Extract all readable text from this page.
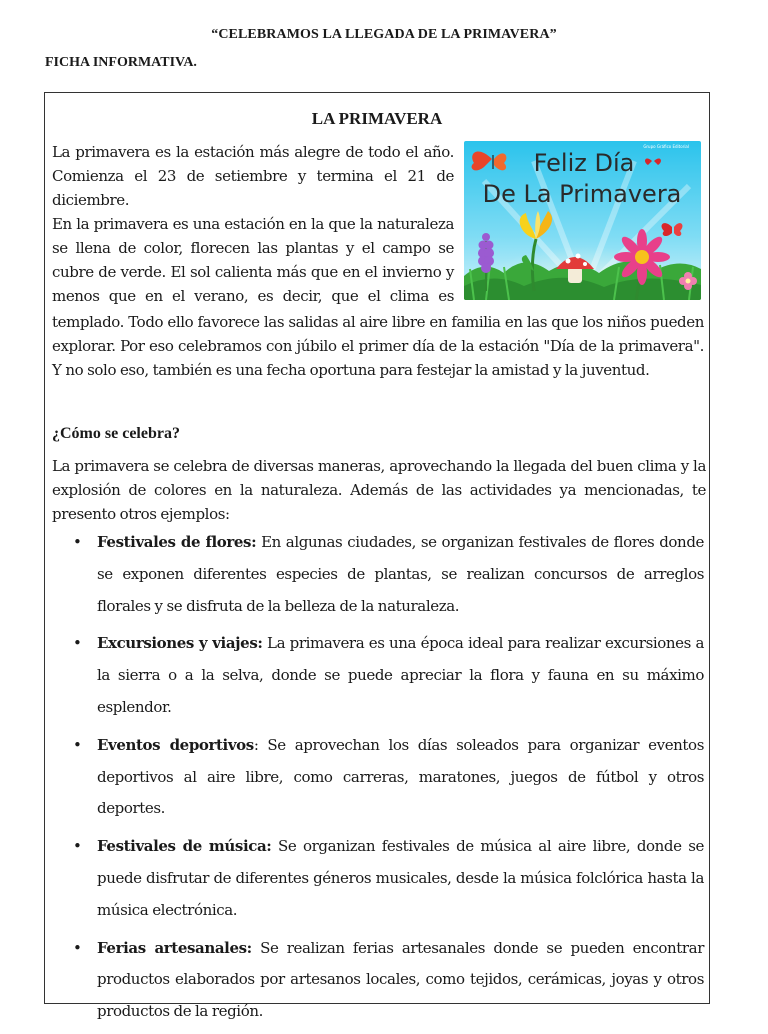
“CELEBRAMOS LA LLEGADA DE LA PRIMAVERA”
FICHA INFORMATIVA.
LA PRIMAVERA
La primavera es la estación más alegre de todo el año. Comienza el 23 de setiembre y termina el 21 de diciembre.
En la primavera es una estación en la que la naturaleza se llena de color, florecen las plantas y el campo se cubre de verde. El sol calienta más que en el invierno y menos que en el verano, es decir, que el clima es
templado. Todo ello favorece las salidas al aire libre en familia en las que los niños pueden explorar. Por eso celebramos con júbilo el primer día de la estación "Día de la primavera". Y no solo eso, también es una fecha oportuna para festejar la amistad y la juventud.
Feliz Día
De La Primavera
Grupo Gráfico Editorial
¿Cómo se celebra?
La primavera se celebra de diversas maneras, aprovechando la llegada del buen clima y la explosión de colores en la naturaleza. Además de las actividades ya mencionadas, te presento otros ejemplos:
• Festivales de flores: En algunas ciudades, se organizan festivales de flores donde se exponen diferentes especies de plantas, se realizan concursos de arreglos florales y se disfruta de la belleza de la naturaleza.
• Excursiones y viajes: La primavera es una época ideal para realizar excursiones a la sierra o a la selva, donde se puede apreciar la flora y fauna en su máximo esplendor.
• Eventos deportivos: Se aprovechan los días soleados para organizar eventos deportivos al aire libre, como carreras, maratones, juegos de fútbol y otros deportes.
• Festivales de música: Se organizan festivales de música al aire libre, donde se puede disfrutar de diferentes géneros musicales, desde la música folclórica hasta la música electrónica.
• Ferias artesanales: Se realizan ferias artesanales donde se pueden encontrar productos elaborados por artesanos locales, como tejidos, cerámicas, joyas y otros productos de la región.
